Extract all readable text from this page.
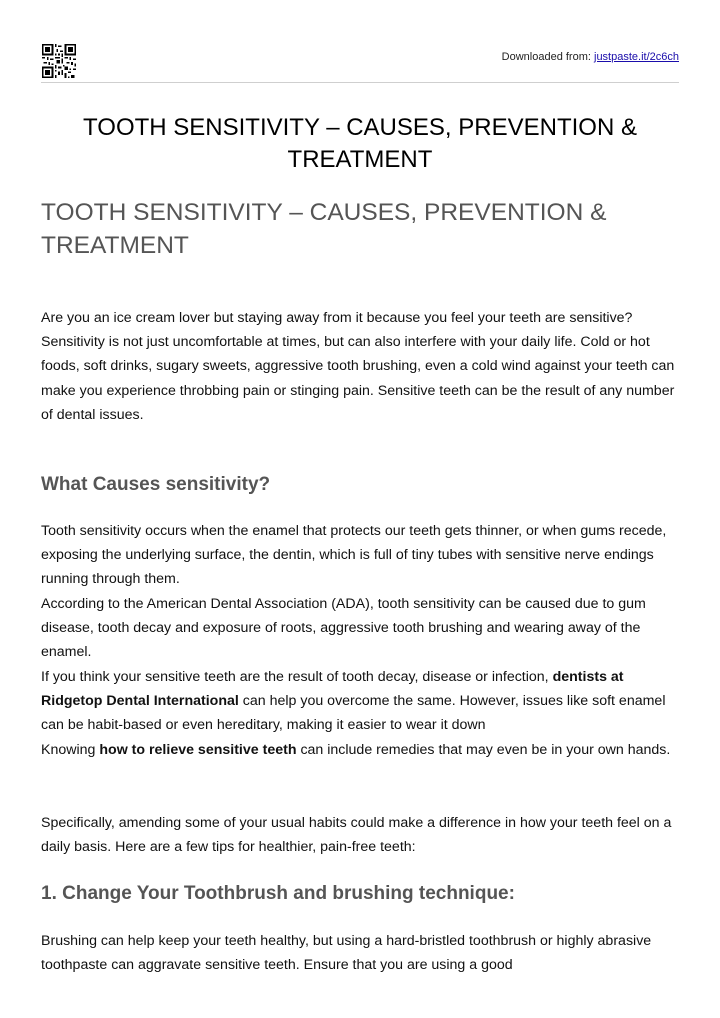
Downloaded from: justpaste.it/2c6ch
TOOTH SENSITIVITY – CAUSES, PREVENTION & TREATMENT
TOOTH SENSITIVITY – CAUSES, PREVENTION & TREATMENT

Are you an ice cream lover but staying away from it because you feel your teeth are sensitive? Sensitivity is not just uncomfortable at times, but can also interfere with your daily life. Cold or hot foods, soft drinks, sugary sweets, aggressive tooth brushing, even a cold wind against your teeth can make you experience throbbing pain or stinging pain. Sensitive teeth can be the result of any number of dental issues.

What Causes sensitivity?

Tooth sensitivity occurs when the enamel that protects our teeth gets thinner, or when gums recede, exposing the underlying surface, the dentin, which is full of tiny tubes with sensitive nerve endings running through them.

According to the American Dental Association (ADA), tooth sensitivity can be caused due to gum disease, tooth decay and exposure of roots, aggressive tooth brushing and wearing away of the enamel.

If you think your sensitive teeth are the result of tooth decay, disease or infection, dentists at Ridgetop Dental International can help you overcome the same. However, issues like soft enamel can be habit-based or even hereditary, making it easier to wear it down

Knowing how to relieve sensitive teeth can include remedies that may even be in your own hands.

Specifically, amending some of your usual habits could make a difference in how your teeth feel on a daily basis. Here are a few tips for healthier, pain-free teeth:

1. Change Your Toothbrush and brushing technique:

Brushing can help keep your teeth healthy, but using a hard-bristled toothbrush or highly abrasive toothpaste can aggravate sensitive teeth. Ensure that you are using a good
